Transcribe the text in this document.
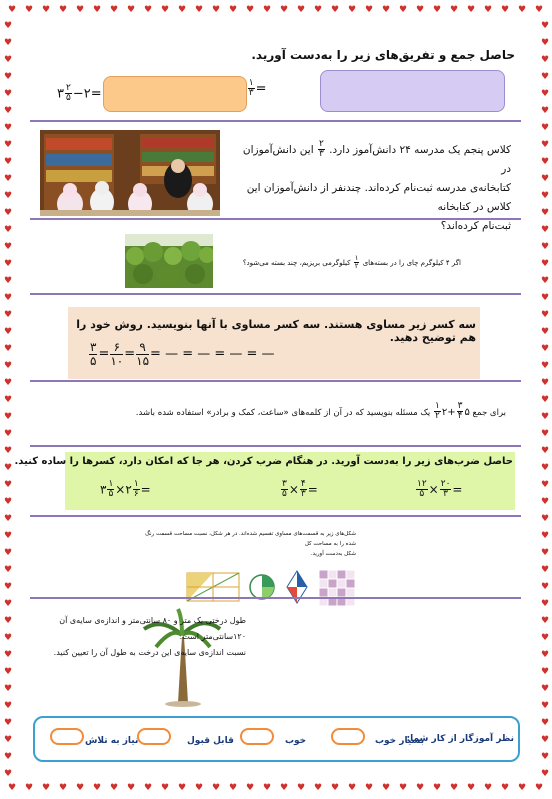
♥
♥
♥
♥
♥
♥
♥
♥
♥
♥
♥
♥
♥
♥
♥
♥
♥
♥
♥
♥
♥
♥
♥
♥
♥
♥
♥
♥
♥
♥
♥
♥
♥
♥
♥
♥
♥
♥
♥
♥
♥
♥
♥
♥
♥
♥
♥
♥
♥
♥
♥
♥
♥
♥
♥
♥
♥
♥
♥
♥
♥
♥
♥
♥
♥	♥
♥	♥
♥	♥
♥	♥
♥	♥
♥	♥
♥	♥
♥	♥
♥	♥
♥	♥
♥	♥
♥	♥
♥	♥
♥	♥
♥	♥
♥	♥
♥	♥
♥	♥
♥	♥
♥	♥
♥	♥
♥	♥
♥	♥
♥	♥
♥	♥
♥	♥
♥	♥
♥	♥
♥	♥
♥	♥
♥	♥
♥	♥
♥	♥
♥	♥
♥	♥
♥	♥
♥	♥
♥	♥
♥	♥
♥	♥
♥	♥
♥	♥
♥	♥
♥	♥
♥	♥
حاصل جمع و تفریق‌های زیر را به‌دست آورید.
$\frac{۱}{۳}$ =
۳ $\frac{۲}{۵}$ −۲=
کلاس پنجم یک مدرسه ۲۴ دانش‌آموز دارد.
$\frac{۲}{۳}$
این دانش‌آموزان در
کتابخانه‌ی مدرسه ثبت‌نام کرده‌اند. چندنفر از دانش‌آموزان این کلاس در کتابخانه
ثبت‌نام کرده‌اند؟
اگر ۴ کیلوگرم چای را در بسته‌های
$\frac{۱}{۲}$
کیلوگرمی بریزیم، چند بسته می‌شود؟
سه کسر زیر مساوی هستند. سه کسر مساوی با آنها بنویسید. روش خود را هم توضیح دهید.
$\frac{۳}{۵} = \frac{۶}{۱۰} = \frac{۹}{۱۵}$ = — = — = — = —
برای جمع ۵
$\frac{۳}{۴}$
+۲
$\frac{۱}{۲}$
یک مسئله بنویسید که در آن از کلمه‌های «ساعت، کمک و برادر» استفاده شده باشد.
حاصل ضرب‌های زیر را به‌دست آورید. در هنگام ضرب کردن، هر جا که امکان دارد، کسرها را ساده کنید.
۳ $\frac{۱}{۵}$ ×۲ $\frac{۱}{۶}$ =	$\frac{۳}{۵} \times \frac{۴}{۳}$ =	$\frac{۱۲}{۵} \times \frac{۲۰}{۳}$ =
شکل‌های زیر به قسمت‌های مساوی تقسیم شده‌اند. در هر شکل، نسبت مساحت قسمت رنگ شده را به مساحت کل
شکل به‌دست آورید.
طول درختی یک متر و ۸۰ سانتی‌متر و اندازه‌ی سایه‌ی آن
۱۲۰سانتی‌متر است.
نسبت اندازه‌ی سایه‌ی این درخت به طول آن را تعیین کنید.
نظر آموزگار از کار شما:
بسیار خوب
خوب
قابل قبول
نیاز به تلاش
